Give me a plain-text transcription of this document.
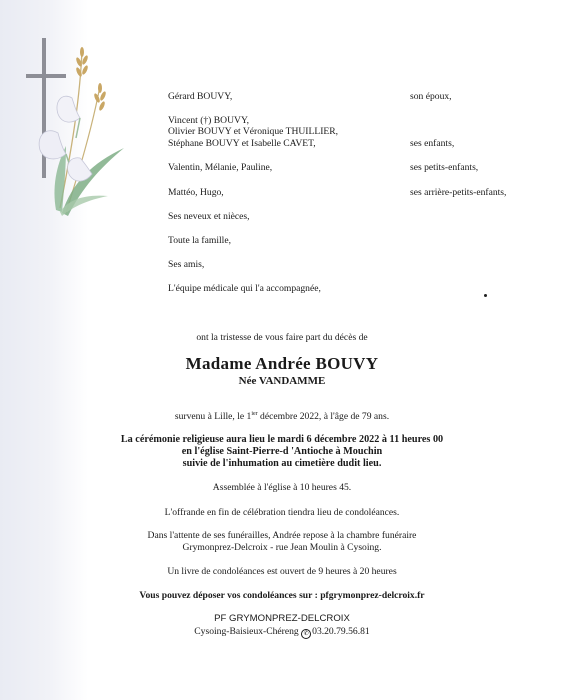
Gérard BOUVY,	son époux,
Vincent (†) BOUVY,
Olivier BOUVY et Véronique THUILLIER,
Stéphane BOUVY et Isabelle CAVET,	ses enfants,
Valentin, Mélanie, Pauline,	ses petits-enfants,
Mattéo, Hugo,	ses arrière-petits-enfants,
Ses neveux et nièces,
Toute la famille,
Ses amis,
L'équipe médicale qui l'a accompagnée,
ont la tristesse de vous faire part du décès de
Madame Andrée BOUVY
Née VANDAMME
survenu à Lille, le $1^{ier}$ décembre 2022, à l'âge de 79 ans.
La cérémonie religieuse aura lieu le mardi 6 décembre 2022 à 11 heures 00
en l'église Saint-Pierre-d 'Antioche à Mouchin
suivie de l'inhumation au cimetière dudit lieu.
Assemblée à l'église à 10 heures 45.
L'offrande en fin de célébration tiendra lieu de condoléances.
Dans l'attente de ses funérailles, Andrée repose à la chambre funéraire
Grymonprez-Delcroix - rue Jean Moulin à Cysoing.
Un livre de condoléances est ouvert de 9 heures à 20 heures
Vous pouvez déposer vos condoléances sur : pfgrymonprez-delcroix.fr
PF GRYMONPREZ-DELCROIX
Cysoing-Baisieux-Chéreng ✆ 03.20.79.56.81
